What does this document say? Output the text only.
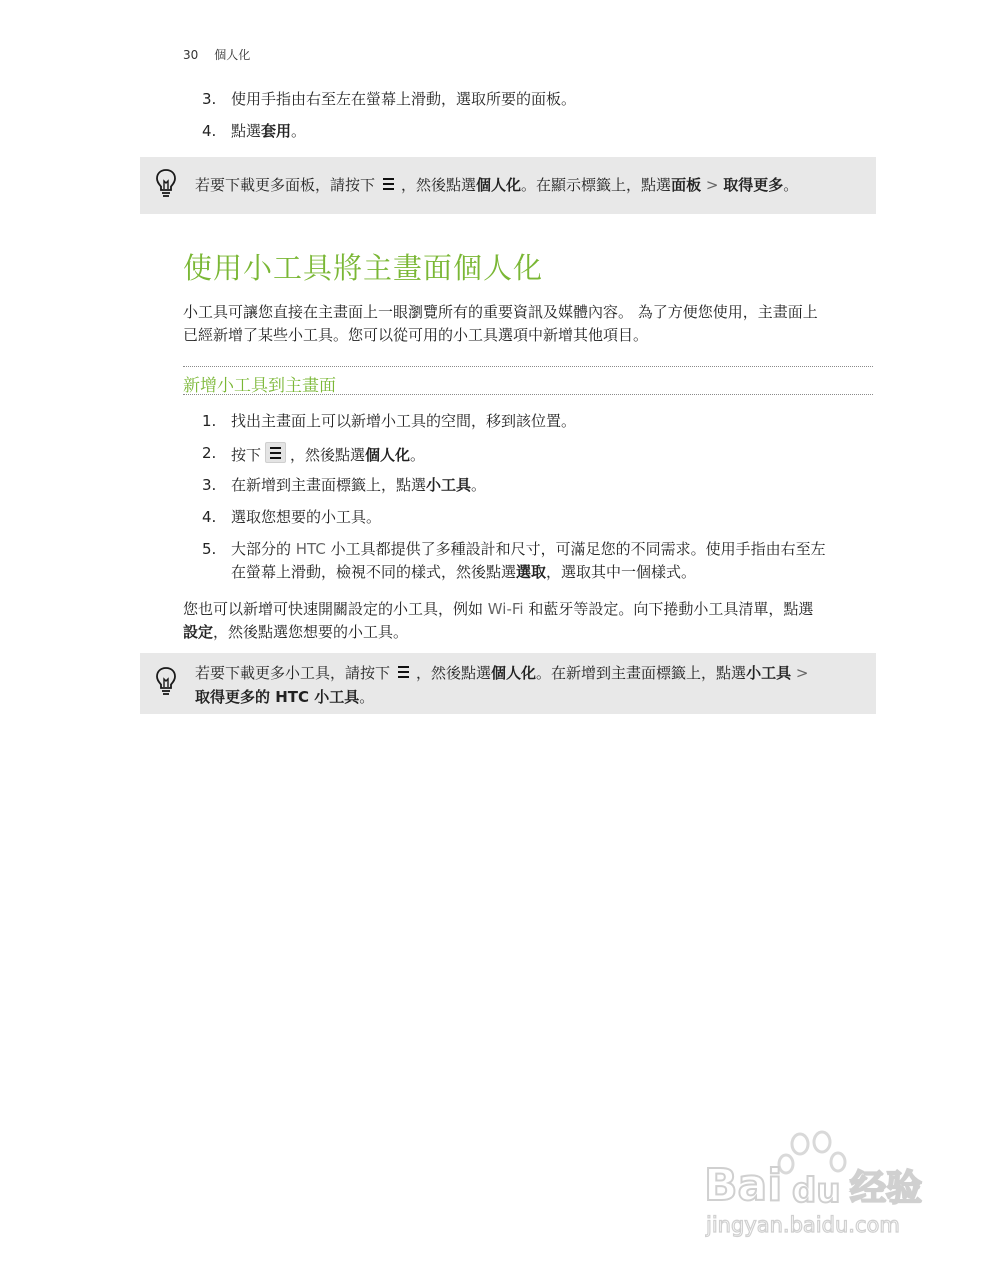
30 個人化
3. 使用手指由右至左在螢幕上滑動，選取所要的面板。
4. 點選套用。
若要下載更多面板，請按下 ，然後點選個人化。在顯示標籤上，點選面板 > 取得更多。
使用小工具將主畫面個人化
小工具可讓您直接在主畫面上一眼瀏覽所有的重要資訊及媒體內容。 為了方便您使用，主畫面上
已經新增了某些小工具。您可以從可用的小工具選項中新增其他項目。
新增小工具到主畫面
1. 找出主畫面上可以新增小工具的空間，移到該位置。
2. 按下 ，然後點選個人化。
3. 在新增到主畫面標籤上，點選小工具。
4. 選取您想要的小工具。
5. 大部分的 HTC 小工具都提供了多種設計和尺寸，可滿足您的不同需求。使用手指由右至左
在螢幕上滑動，檢視不同的樣式，然後點選選取，選取其中一個樣式。
您也可以新增可快速開關設定的小工具，例如 Wi-Fi 和藍牙等設定。向下捲動小工具清單，點選
設定，然後點選您想要的小工具。
若要下載更多小工具，請按下 ，然後點選個人化。在新增到主畫面標籤上，點選小工具 >
取得更多的 HTC 小工具。
Bai du 经验
jingyan.baidu.com
